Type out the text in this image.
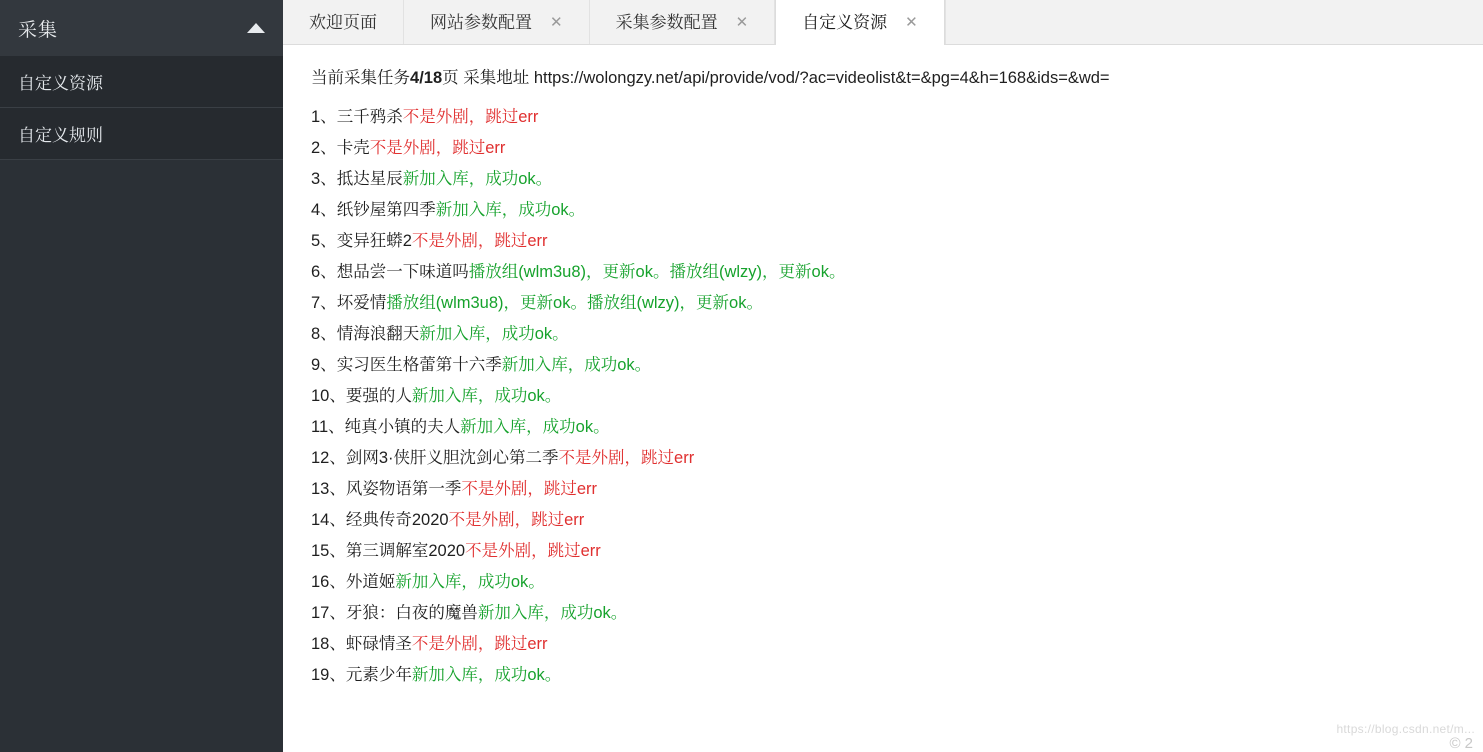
采集
自定义资源
自定义规则
欢迎页面	网站参数配置 ✕	采集参数配置 ✕	自定义资源 ✕
当前采集任务4/18页 采集地址 https://wolongzy.net/api/provide/vod/?ac=videolist&t=&pg=4&h=168&ids=&wd=
1、三千鸦杀不是外剧，跳过err
2、卡壳不是外剧，跳过err
3、抵达星辰新加入库，成功ok。
4、纸钞屋第四季新加入库，成功ok。
5、变异狂蟒2不是外剧，跳过err
6、想品尝一下味道吗播放组(wlm3u8)，更新ok。播放组(wlzy)，更新ok。
7、坏爱情播放组(wlm3u8)，更新ok。播放组(wlzy)，更新ok。
8、情海浪翻天新加入库，成功ok。
9、实习医生格蕾第十六季新加入库，成功ok。
10、要强的人新加入库，成功ok。
11、纯真小镇的夫人新加入库，成功ok。
12、剑网3·侠肝义胆沈剑心第二季不是外剧，跳过err
13、风姿物语第一季不是外剧，跳过err
14、经典传奇2020不是外剧，跳过err
15、第三调解室2020不是外剧，跳过err
16、外道姬新加入库，成功ok。
17、牙狼：白夜的魔兽新加入库，成功ok。
18、虾碌情圣不是外剧，跳过err
19、元素少年新加入库，成功ok。
https://blog.csdn.net/m...
© 2
